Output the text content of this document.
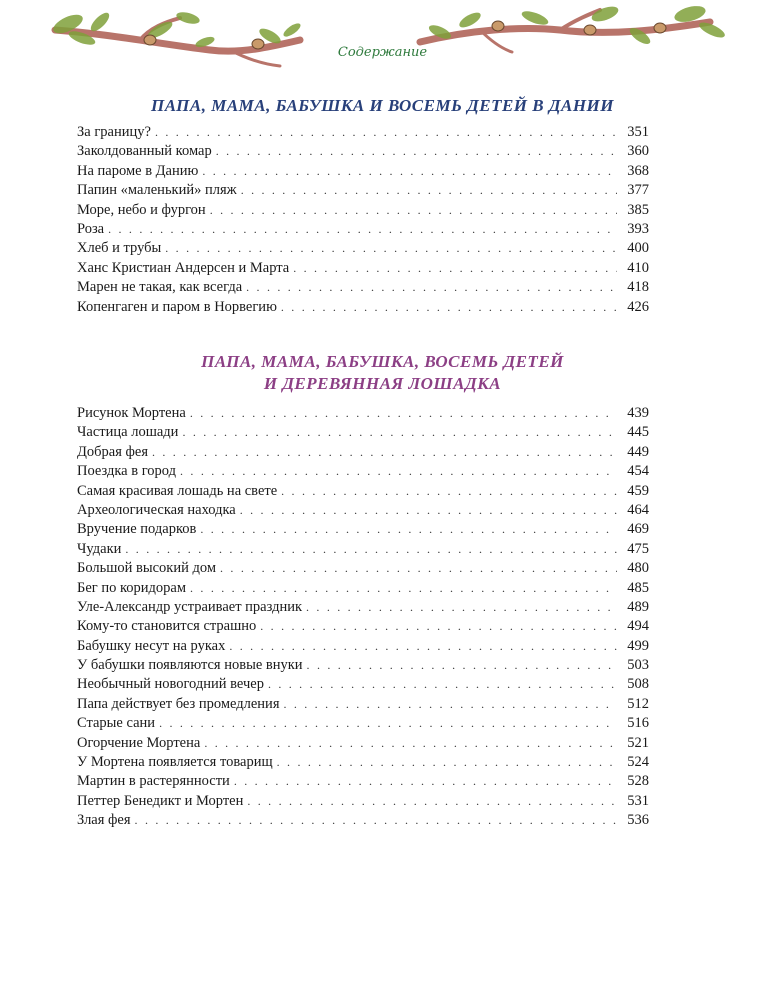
Содержание
ПАПА, МАМА, БАБУШКА И ВОСЕМЬ ДЕТЕЙ В ДАНИИ
За границу? . . .	351
Заколдованный комар . . .	360
На пароме в Данию . . .	368
Папин «маленький» пляж . . .	377
Море, небо и фургон . . .	385
Роза . . .	393
Хлеб и трубы . . .	400
Ханс Кристиан Андерсен и Марта . . .	410
Марен не такая, как всегда . . .	418
Копенгаген и паром в Норвегию . . .	426
ПАПА, МАМА, БАБУШКА, ВОСЕМЬ ДЕТЕЙ
И ДЕРЕВЯННАЯ ЛОШАДКА
Рисунок Мортена . . .	439
Частица лошади . . .	445
Добрая фея . . .	449
Поездка в город . . .	454
Самая красивая лошадь на свете . . .	459
Археологическая находка . . .	464
Вручение подарков . . .	469
Чудаки . . .	475
Большой высокий дом . . .	480
Бег по коридорам . . .	485
Уле-Александр устраивает праздник . . .	489
Кому-то становится страшно . . .	494
Бабушку несут на руках . . .	499
У бабушки появляются новые внуки . . .	503
Необычный новогодний вечер . . .	508
Папа действует без промедления . . .	512
Старые сани . . .	516
Огорчение Мортена . . .	521
У Мортена появляется товарищ . . .	524
Мартин в растерянности . . .	528
Петтер Бенедикт и Мортен . . .	531
Злая фея . . .	536
